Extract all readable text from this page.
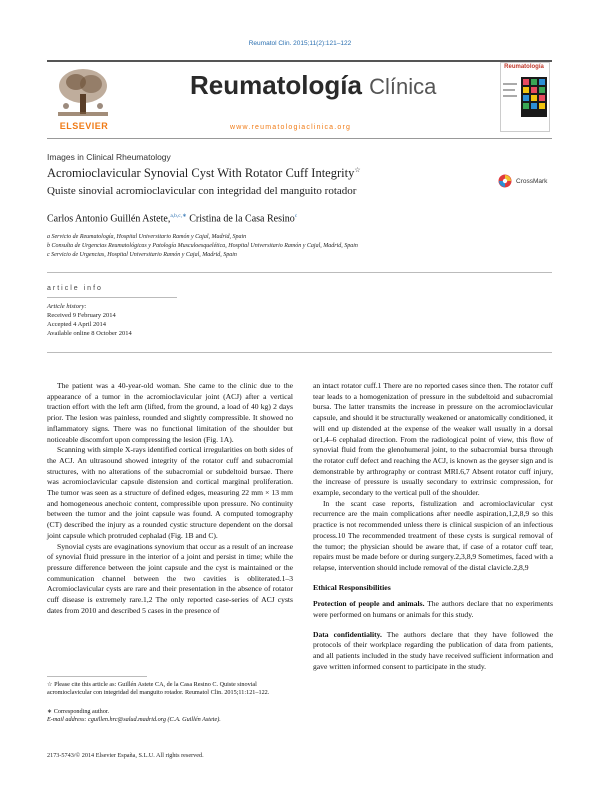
Reumatol Clin. 2015;11(2):121–122
ELSEVIER
Reumatología Clínica
www.reumatologiaclinica.org
Reumatología
Images in Clinical Rheumatology
Acromioclavicular Synovial Cyst With Rotator Cuff Integrity☆
Quiste sinovial acromioclavicular con integridad del manguito rotador
CrossMark
Carlos Antonio Guillén Astete,$^{a,b,c,∗}$ Cristina de la Casa Resino$^c$
a Servicio de Reumatología, Hospital Universitario Ramón y Cajal, Madrid, Spain
b Consulta de Urgencias Reumatológicas y Patología Musculoesquelética, Hospital Universitario Ramón y Cajal, Madrid, Spain
c Servicio de Urgencias, Hospital Universitario Ramón y Cajal, Madrid, Spain
article info
Article history:
Received 9 February 2014
Accepted 4 April 2014
Available online 8 October 2014

The patient was a 40-year-old woman. She came to the clinic due to the appearance of a tumor in the acromioclavicular joint (ACJ) after a vertical traction effort with the left arm (lifted, from the ground, a load of 40 kg) 2 days prior. The lesion was painless, rounded and slightly compressible. It showed no inflammatory signs. There was no functional limitation of the shoulder but noticeable discomfort upon compressing the lesion (Fig. 1A).

Scanning with simple X-rays identified cortical irregularities on both sides of the ACJ. An ultrasound showed integrity of the rotator cuff and subacromial structures, with no alterations of the subacromial or subdeltoid bursae. There was acromioclavicular capsule distension and cortical marginal proliferation. The tumor was seen as a structure of defined edges, measuring 22 mm × 13 mm and homogeneous anechoic content, compressible upon pressure. No continuity between the tumor and the joint capsule was found. A computed tomography (CT) described the injury as a rounded cystic structure dependent on the dorsal joint capsule which protruded cephalad (Fig. 1B and C).

Synovial cysts are evaginations synovium that occur as a result of an increase of synovial fluid pressure in the interior of a joint and persist in time; while the pressure difference between the joint capsule and the cyst is maintained or the communication channel between the two cavities is obliterated.1–3 Acromioclavicular cysts are rare and their presentation in the absence of rotator cuff disease is extremely rare.1,2 The only reported case-series of ACJ cysts dates from 2010 and described 5 cases in the presence of

an intact rotator cuff.1 There are no reported cases since then. The rotator cuff tear leads to a homogenization of pressure in the subdeltoid and subacromial bursa. The latter transmits the increase in pressure on the acromioclavicular capsule, and should it be structurally weakened or anatomically conditioned, it will end up distended at the expense of the weaker wall usually in a dorsal or1,4–6 cephalad direction. From the radiological point of view, this flow of synovial fluid from the glenohumeral joint, to the subacromial bursa through the rotator cuff defect and reaching the ACJ, is known as the geyser sign and is demonstrable by arthrography or contrast MRI.6,7 Absent rotator cuff injury, the increase of pressure is usually secondary to extrinsic compression, for example, secondary to the vertical pull of the shoulder.

In the scant case reports, fistulization and acromioclavicular cyst recurrence are the main complications after needle aspiration,1,2,8,9 so this practice is not recommended unless there is clinical suspicion of an infectious process.10 The recommended treatment of these cysts is surgical removal of the tumor; the physician should be aware that, if case of a rotator cuff tear, repairs must be made before or during surgery.2,3,8,9 Sometimes, faced with a relapse, intervention should include removal of the distal clavicle.2,8,9

Ethical Responsibilities

Protection of people and animals. The authors declare that no experiments were performed on humans or animals for this study.

Data confidentiality. The authors declare that they have followed the protocols of their workplace regarding the publication of data from patients, and all patients included in the study have received sufficient information and gave written informed consent to participate in the study.

☆ Please cite this article as: Guillén Astete CA, de la Casa Resino C. Quiste sinovial acromioclavicular con integridad del manguito rotador. Reumatol Clin. 2015;11:121–122.
∗ Corresponding author.
E-mail address: cguillen.hrc@salud.madrid.org (C.A. Guillén Astete).
2173-5743/© 2014 Elsevier España, S.L.U. All rights reserved.
